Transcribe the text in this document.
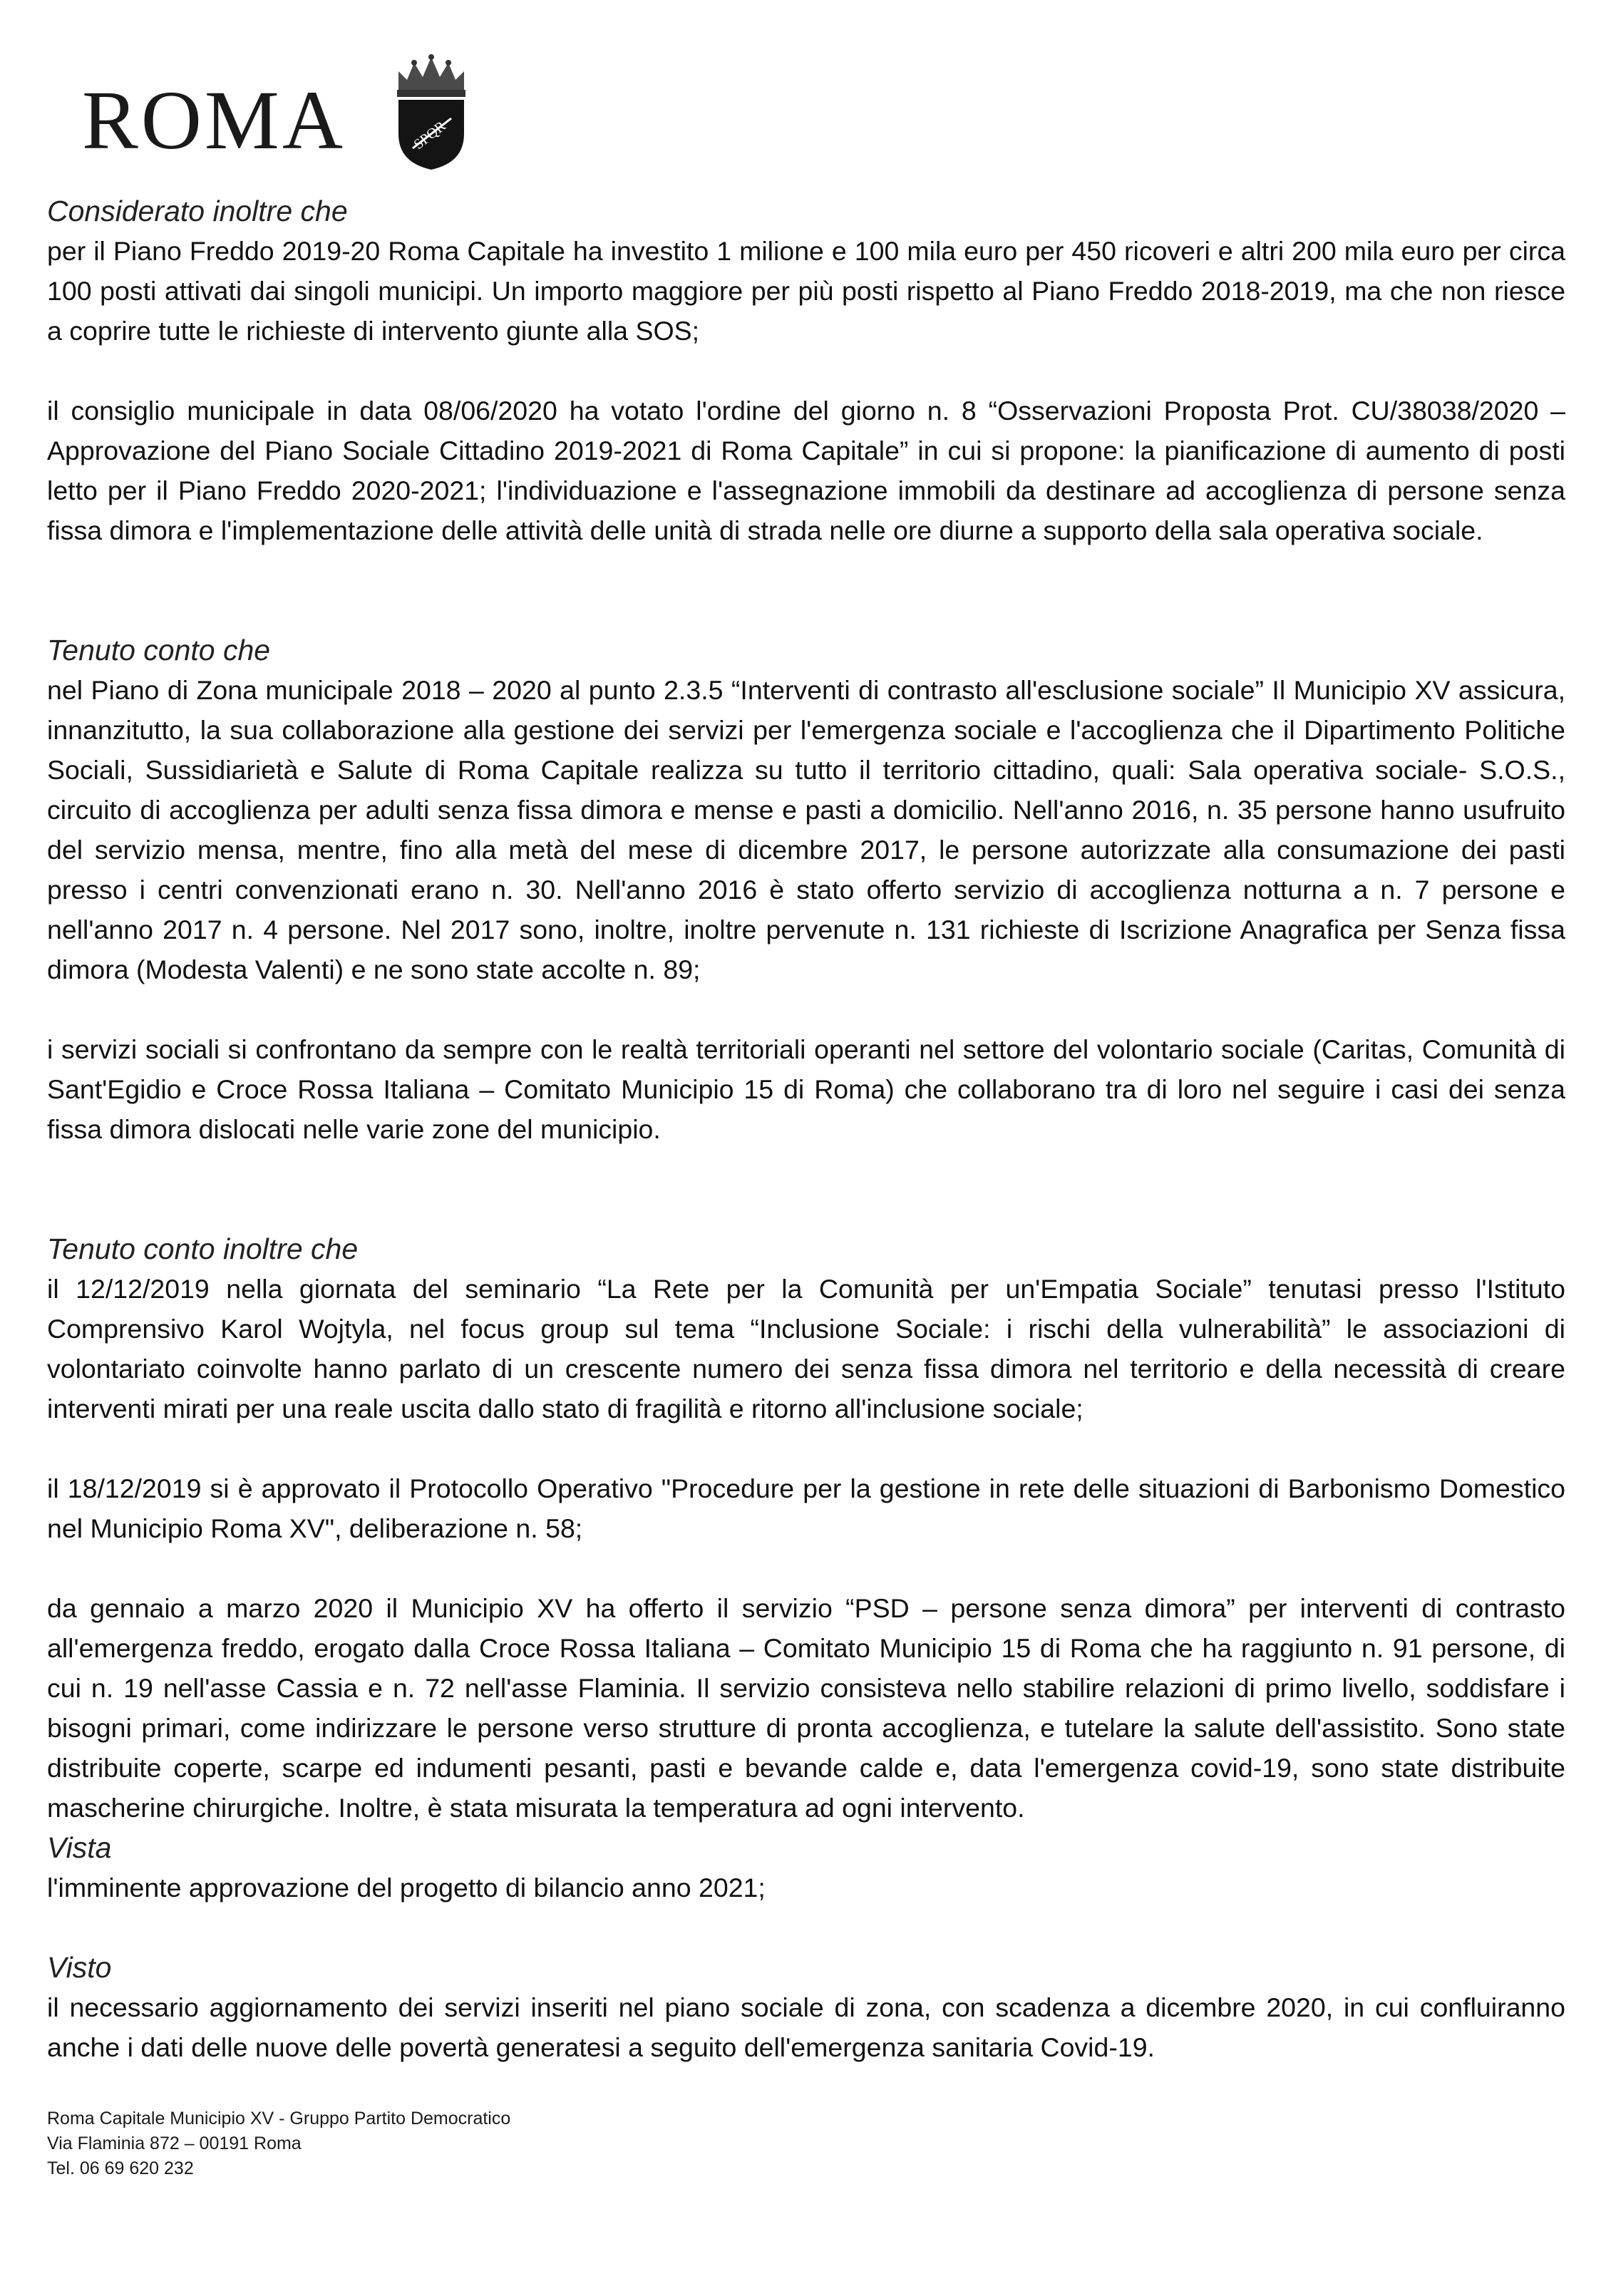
ROMA	SPQR

Considerato inoltre che

per il Piano Freddo 2019-20 Roma Capitale ha investito 1 milione e 100 mila euro per 450 ricoveri e altri 200 mila euro per circa 100 posti attivati dai singoli municipi. Un importo maggiore per più posti rispetto al Piano Freddo 2018-2019, ma che non riesce a coprire tutte le richieste di intervento giunte alla SOS;

il consiglio municipale in data 08/06/2020 ha votato l'ordine del giorno n. 8 “Osservazioni Proposta Prot. CU/38038/2020 – Approvazione del Piano Sociale Cittadino 2019-2021 di Roma Capitale” in cui si propone: la pianificazione di aumento di posti letto per il Piano Freddo 2020-2021; l'individuazione e l'assegnazione immobili da destinare ad accoglienza di persone senza fissa dimora e l'implementazione delle attività delle unità di strada nelle ore diurne a supporto della sala operativa sociale.

Tenuto conto che

nel Piano di Zona municipale 2018 – 2020 al punto 2.3.5 “Interventi di contrasto all'esclusione sociale” Il Municipio XV assicura, innanzitutto, la sua collaborazione alla gestione dei servizi per l'emergenza sociale e l'accoglienza che il Dipartimento Politiche Sociali, Sussidiarietà e Salute di Roma Capitale realizza su tutto il territorio cittadino, quali: Sala operativa sociale- S.O.S., circuito di accoglienza per adulti senza fissa dimora e mense e pasti a domicilio. Nell'anno 2016, n. 35 persone hanno usufruito del servizio mensa, mentre, fino alla metà del mese di dicembre 2017, le persone autorizzate alla consumazione dei pasti presso i centri convenzionati erano n. 30. Nell'anno 2016 è stato offerto servizio di accoglienza notturna a n. 7 persone e nell'anno 2017 n. 4 persone. Nel 2017 sono, inoltre, inoltre pervenute n. 131 richieste di Iscrizione Anagrafica per Senza fissa dimora (Modesta Valenti) e ne sono state accolte n. 89;

i servizi sociali si confrontano da sempre con le realtà territoriali operanti nel settore del volontario sociale (Caritas, Comunità di Sant'Egidio e Croce Rossa Italiana – Comitato Municipio 15 di Roma) che collaborano tra di loro nel seguire i casi dei senza fissa dimora dislocati nelle varie zone del municipio.

Tenuto conto inoltre che

il 12/12/2019 nella giornata del seminario “La Rete per la Comunità per un'Empatia Sociale” tenutasi presso l'Istituto Comprensivo Karol Wojtyla, nel focus group sul tema “Inclusione Sociale: i rischi della vulnerabilità” le associazioni di volontariato coinvolte hanno parlato di un crescente numero dei senza fissa dimora nel territorio e della necessità di creare interventi mirati per una reale uscita dallo stato di fragilità e ritorno all'inclusione sociale;

il 18/12/2019 si è approvato il Protocollo Operativo "Procedure per la gestione in rete delle situazioni di Barbonismo Domestico nel Municipio Roma XV", deliberazione n. 58;

da gennaio a marzo 2020 il Municipio XV ha offerto il servizio “PSD – persone senza dimora” per interventi di contrasto all'emergenza freddo, erogato dalla Croce Rossa Italiana – Comitato Municipio 15 di Roma che ha raggiunto n. 91 persone, di cui n. 19 nell'asse Cassia e n. 72 nell'asse Flaminia. Il servizio consisteva nello stabilire relazioni di primo livello, soddisfare i bisogni primari, come indirizzare le persone verso strutture di pronta accoglienza, e tutelare la salute dell'assistito. Sono state distribuite coperte, scarpe ed indumenti pesanti, pasti e bevande calde e, data l'emergenza covid-19, sono state distribuite mascherine chirurgiche. Inoltre, è stata misurata la temperatura ad ogni intervento.

Vista

l'imminente approvazione del progetto di bilancio anno 2021;

Visto

il necessario aggiornamento dei servizi inseriti nel piano sociale di zona, con scadenza a dicembre 2020, in cui confluiranno anche i dati delle nuove delle povertà generatesi a seguito dell'emergenza sanitaria Covid-19.

Roma Capitale Municipio XV - Gruppo Partito Democratico
Via Flaminia 872 – 00191 Roma
Tel. 06 69 620 232
